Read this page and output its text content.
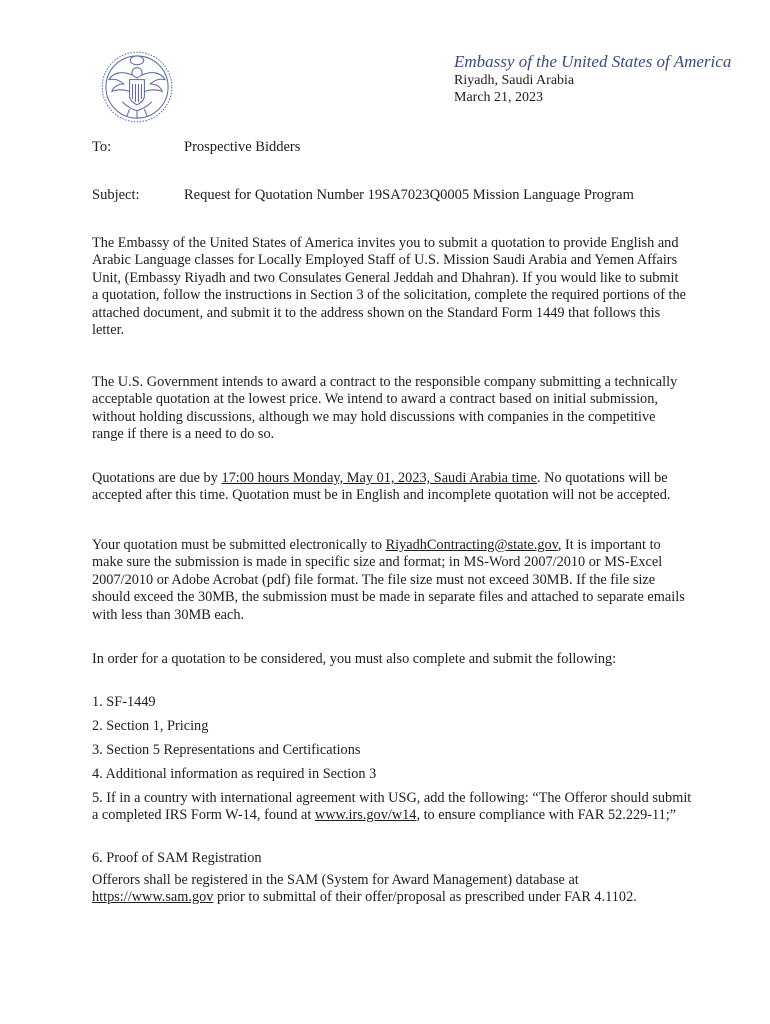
Embassy of the United States of America
Riyadh, Saudi Arabia
March 21, 2023
To:	Prospective Bidders
Subject:	Request for Quotation Number 19SA7023Q0005 Mission Language Program

The Embassy of the United States of America invites you to submit a quotation to provide English and Arabic Language classes for Locally Employed Staff of U.S. Mission Saudi Arabia and Yemen Affairs Unit, (Embassy Riyadh and two Consulates General Jeddah and Dhahran). If you would like to submit a quotation, follow the instructions in Section 3 of the solicitation, complete the required portions of the attached document, and submit it to the address shown on the Standard Form 1449 that follows this letter.

The U.S. Government intends to award a contract to the responsible company submitting a technically acceptable quotation at the lowest price. We intend to award a contract based on initial submission, without holding discussions, although we may hold discussions with companies in the competitive range if there is a need to do so.

Quotations are due by 17:00 hours Monday, May 01, 2023, Saudi Arabia time. No quotations will be accepted after this time. Quotation must be in English and incomplete quotation will not be accepted.

Your quotation must be submitted electronically to RiyadhContracting@state.gov, It is important to make sure the submission is made in specific size and format; in MS-Word 2007/2010 or MS-Excel 2007/2010 or Adobe Acrobat (pdf) file format. The file size must not exceed 30MB. If the file size should exceed the 30MB, the submission must be made in separate files and attached to separate emails with less than 30MB each.

In order for a quotation to be considered, you must also complete and submit the following:

1. SF-1449
2. Section 1, Pricing
3. Section 5 Representations and Certifications
4. Additional information as required in Section 3
5. If in a country with international agreement with USG, add the following: “The Offeror should submit a completed IRS Form W-14, found at www.irs.gov/w14, to ensure compliance with FAR 52.229-11;”
6. Proof of SAM Registration

Offerors shall be registered in the SAM (System for Award Management) database at https://www.sam.gov prior to submittal of their offer/proposal as prescribed under FAR 4.1102.
